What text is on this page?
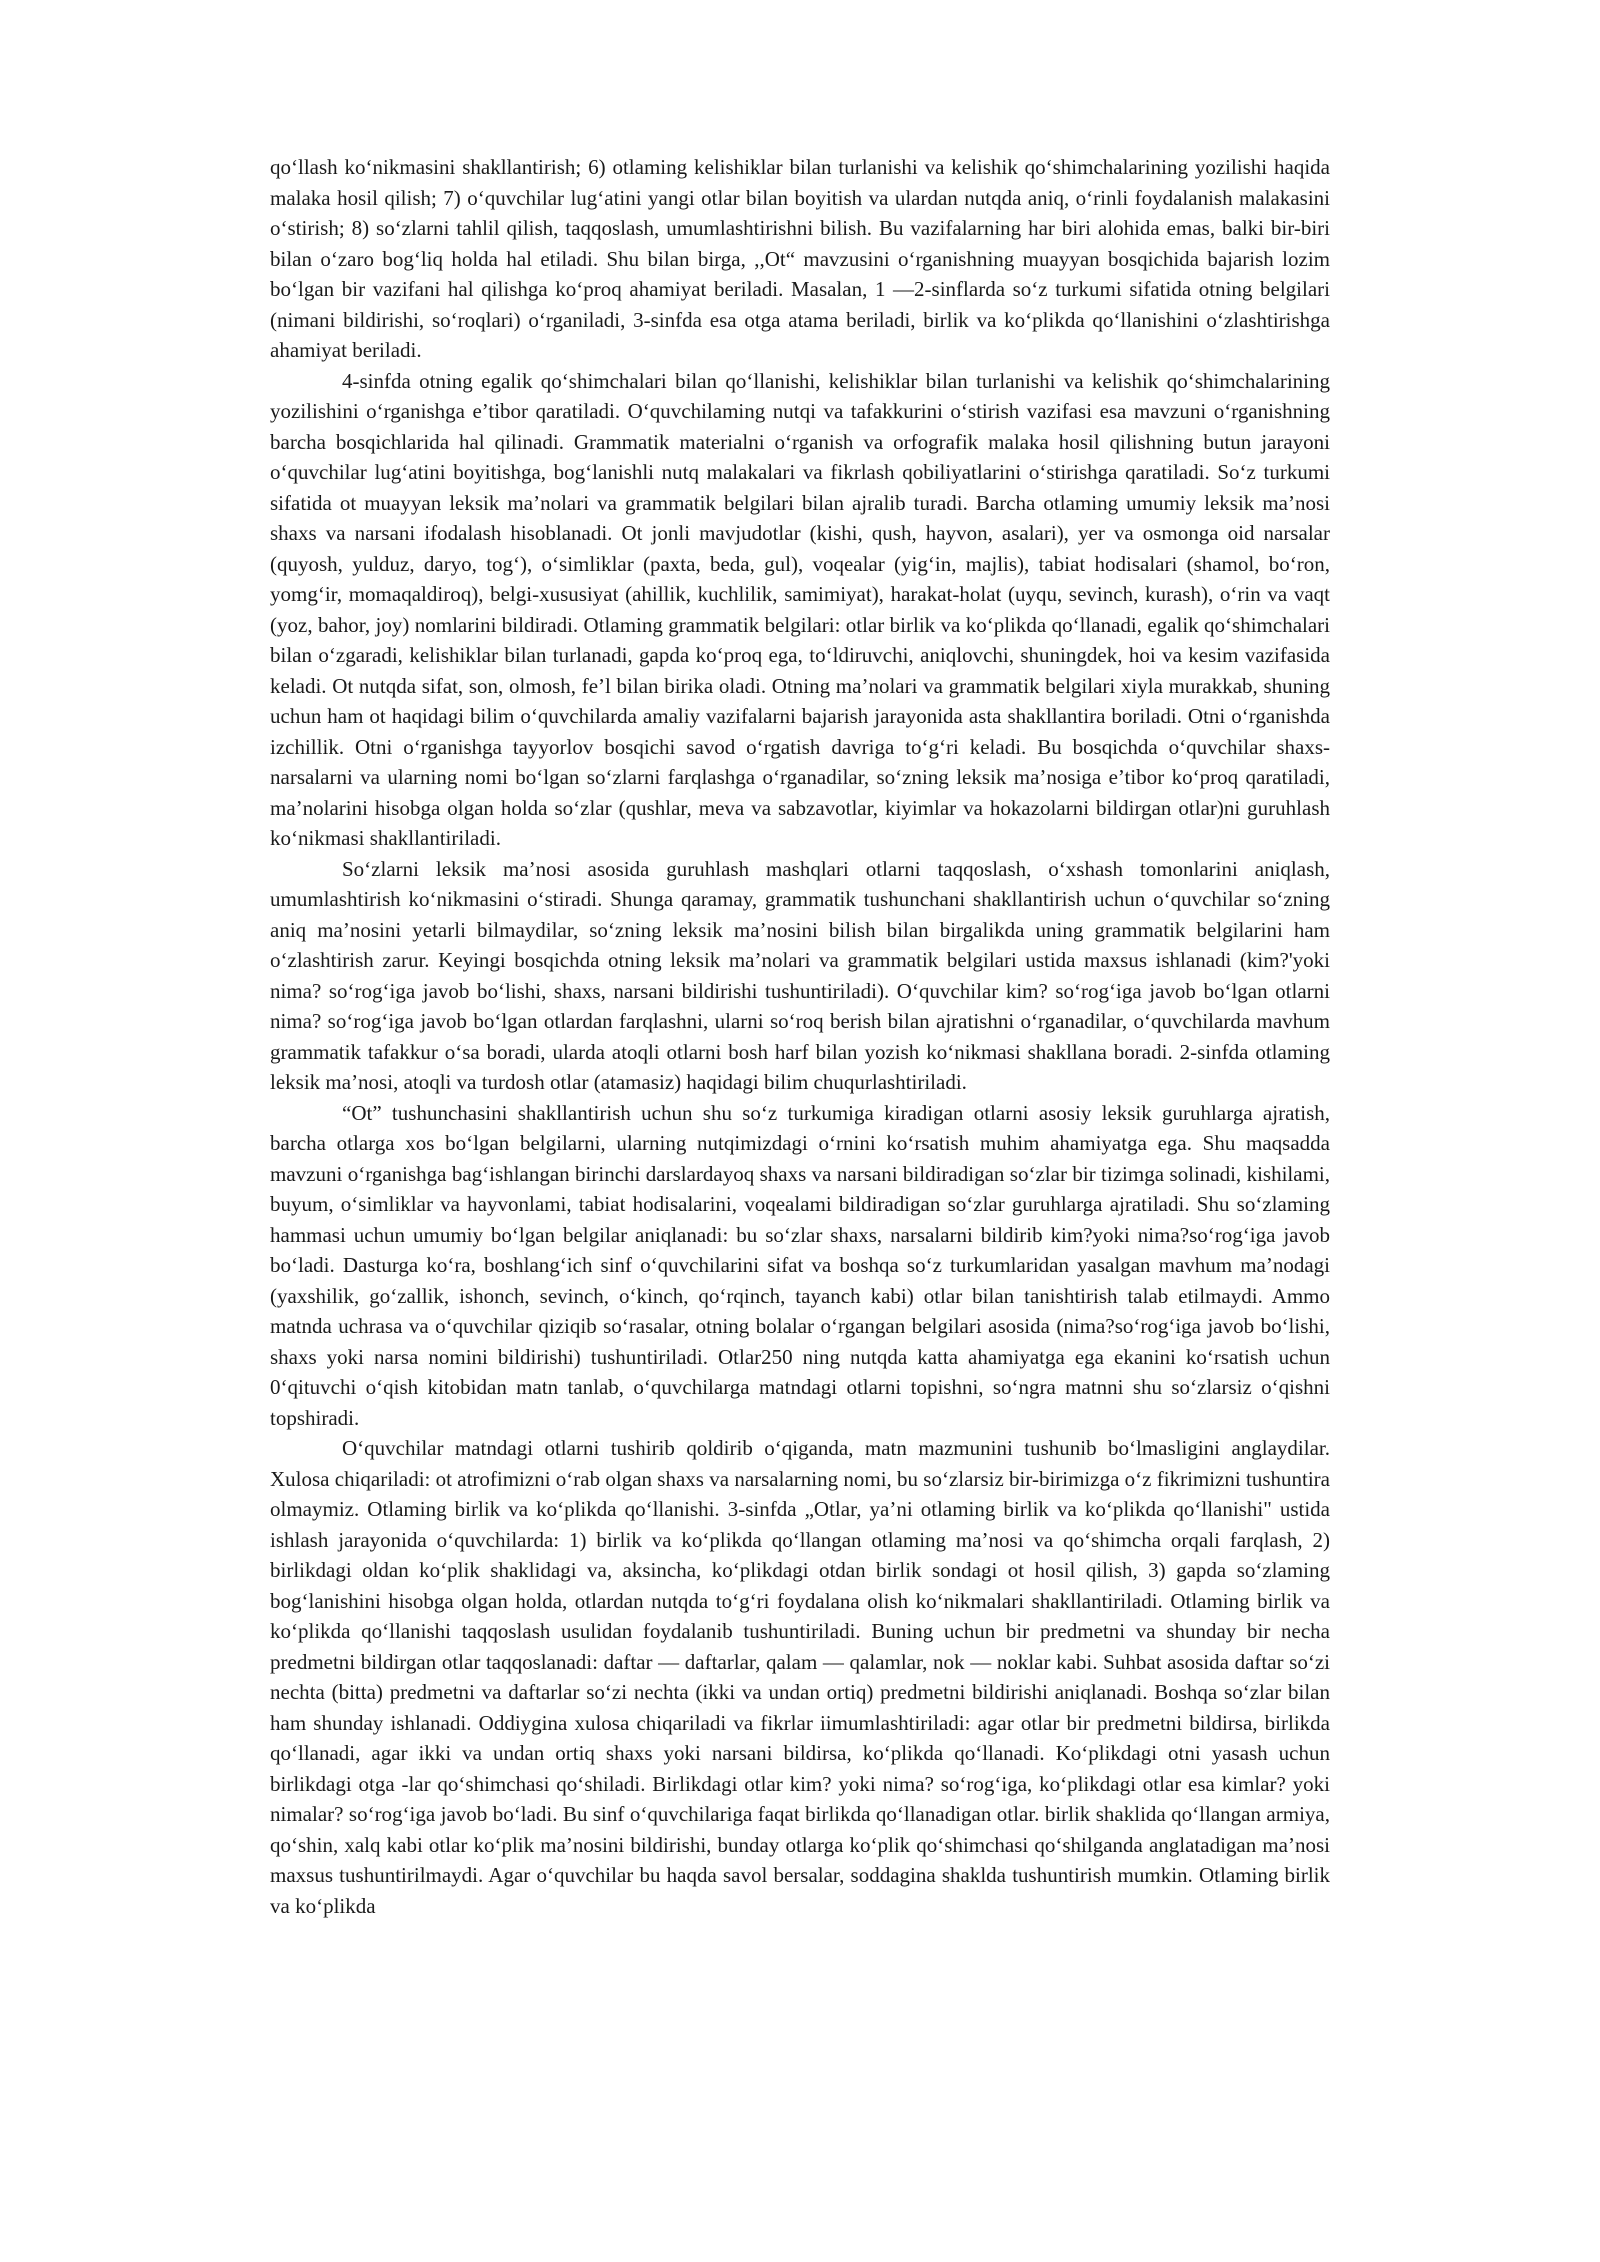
qo‘llash ko‘nikmasini shakllantirish; 6) otlaming kelishiklar bilan turlanishi va kelishik qo‘shimchalarining yozilishi haqida malaka hosil qilish; 7) o‘quvchilar lug‘atini yangi otlar bilan boyitish va ulardan nutqda aniq, o‘rinli foydalanish malakasini o‘stirish; 8) so‘zlarni tahlil qilish, taqqoslash, umumlashtirishni bilish. Bu vazifalarning har biri alohida emas, balki bir-biri bilan o‘zaro bog‘liq holda hal etiladi. Shu bilan birga, ,,Ot“ mavzusini o‘rganishning muayyan bosqichida bajarish lozim bo‘lgan bir vazifani hal qilishga ko‘proq ahamiyat beriladi. Masalan, 1 —2-sinflarda so‘z turkumi sifatida otning belgilari (nimani bildirishi, so‘roqlari) o‘rganiladi, 3-sinfda esa otga atama beriladi, birlik va ko‘plikda qo‘llanishini o‘zlashtirishga ahamiyat beriladi.

4-sinfda otning egalik qo‘shimchalari bilan qo‘llanishi, kelishiklar bilan turlanishi va kelishik qo‘shimchalarining yozilishini o‘rganishga e’tibor qaratiladi. O‘quvchilaming nutqi va tafakkurini o‘stirish vazifasi esa mavzuni o‘rganishning barcha bosqichlarida hal qilinadi. Grammatik materialni o‘rganish va orfografik malaka hosil qilishning butun jarayoni o‘quvchilar lug‘atini boyitishga, bog‘lanishli nutq malakalari va fikrlash qobiliyatlarini o‘stirishga qaratiladi. So‘z turkumi sifatida ot muayyan leksik ma’nolari va grammatik belgilari bilan ajralib turadi. Barcha otlaming umumiy leksik ma’nosi shaxs va narsani ifodalash hisoblanadi. Ot jonli mavjudotlar (kishi, qush, hayvon, asalari), yer va osmonga oid narsalar (quyosh, yulduz, daryo, tog‘), o‘simliklar (paxta, beda, gul), voqealar (yig‘in, majlis), tabiat hodisalari (shamol, bo‘ron, yomg‘ir, momaqaldiroq), belgi-xususiyat (ahillik, kuchlilik, samimiyat), harakat-holat (uyqu, sevinch, kurash), o‘rin va vaqt (yoz, bahor, joy) nomlarini bildiradi. Otlaming grammatik belgilari: otlar birlik va ko‘plikda qo‘llanadi, egalik qo‘shimchalari bilan o‘zgaradi, kelishiklar bilan turlanadi, gapda ko‘proq ega, to‘ldiruvchi, aniqlovchi, shuningdek, hoi va kesim vazifasida keladi. Ot nutqda sifat, son, olmosh, fe’l bilan birika oladi. Otning ma’nolari va grammatik belgilari xiyla murakkab, shuning uchun ham ot haqidagi bilim o‘quvchilarda amaliy vazifalarni bajarish jarayonida asta shakllantira boriladi. Otni o‘rganishda izchillik. Otni o‘rganishga tayyorlov bosqichi savod o‘rgatish davriga to‘g‘ri keladi. Bu bosqichda o‘quvchilar shaxs-narsalarni va ularning nomi bo‘lgan so‘zlarni farqlashga o‘rganadilar, so‘zning leksik ma’nosiga e’tibor ko‘proq qaratiladi, ma’nolarini hisobga olgan holda so‘zlar (qushlar, meva va sabzavotlar, kiyimlar va hokazolarni bildirgan otlar)ni guruhlash ko‘nikmasi shakllantiriladi.

So‘zlarni leksik ma’nosi asosida guruhlash mashqlari otlarni taqqoslash, o‘xshash tomonlarini aniqlash, umumlashtirish ko‘nikmasini o‘stiradi. Shunga qaramay, grammatik tushunchani shakllantirish uchun o‘quvchilar so‘zning aniq ma’nosini yetarli bilmaydilar, so‘zning leksik ma’nosini bilish bilan birgalikda uning grammatik belgilarini ham o‘zlashtirish zarur. Keyingi bosqichda otning leksik ma’nolari va grammatik belgilari ustida maxsus ishlanadi (kim?'yoki nima? so‘rog‘iga javob bo‘lishi, shaxs, narsani bildirishi tushuntiriladi). O‘quvchilar kim? so‘rog‘iga javob bo‘lgan otlarni nima? so‘rog‘iga javob bo‘lgan otlardan farqlashni, ularni so‘roq berish bilan ajratishni o‘rganadilar, o‘quvchilarda mavhum grammatik tafakkur o‘sa boradi, ularda atoqli otlarni bosh harf bilan yozish ko‘nikmasi shakllana boradi. 2-sinfda otlaming leksik ma’nosi, atoqli va turdosh otlar (atamasiz) haqidagi bilim chuqurlashtiriladi.

“Ot” tushunchasini shakllantirish uchun shu so‘z turkumiga kiradigan otlarni asosiy leksik guruhlarga ajratish, barcha otlarga xos bo‘lgan belgilarni, ularning nutqimizdagi o‘rnini ko‘rsatish muhim ahamiyatga ega. Shu maqsadda mavzuni o‘rganishga bag‘ishlangan birinchi darslardayoq shaxs va narsani bildiradigan so‘zlar bir tizimga solinadi, kishilami, buyum, o‘simliklar va hayvonlami, tabiat hodisalarini, voqealami bildiradigan so‘zlar guruhlarga ajratiladi. Shu so‘zlaming hammasi uchun umumiy bo‘lgan belgilar aniqlanadi: bu so‘zlar shaxs, narsalarni bildirib kim?yoki nima?so‘rog‘iga javob bo‘ladi. Dasturga ko‘ra, boshlang‘ich sinf o‘quvchilarini sifat va boshqa so‘z turkumlaridan yasalgan mavhum ma’nodagi (yaxshilik, go‘zallik, ishonch, sevinch, o‘kinch, qo‘rqinch, tayanch kabi) otlar bilan tanishtirish talab etilmaydi. Ammo matnda uchrasa va o‘quvchilar qiziqib so‘rasalar, otning bolalar o‘rgangan belgilari asosida (nima?so‘rog‘iga javob bo‘lishi, shaxs yoki narsa nomini bildirishi) tushuntiriladi. Otlar250 ning nutqda katta ahamiyatga ega ekanini ko‘rsatish uchun 0‘qituvchi o‘qish kitobidan matn tanlab, o‘quvchilarga matndagi otlarni topishni, so‘ngra matnni shu so‘zlarsiz o‘qishni topshiradi.

O‘quvchilar matndagi otlarni tushirib qoldirib o‘qiganda, matn mazmunini tushunib bo‘lmasligini anglaydilar. Xulosa chiqariladi: ot atrofimizni o‘rab olgan shaxs va narsalarning nomi, bu so‘zlarsiz bir-birimizga o‘z fikrimizni tushuntira olmaymiz. Otlaming birlik va ko‘plikda qo‘llanishi. 3-sinfda „Otlar, ya’ni otlaming birlik va ko‘plikda qo‘llanishi" ustida ishlash jarayonida o‘quvchilarda: 1) birlik va ko‘plikda qo‘llangan otlaming ma’nosi va qo‘shimcha orqali farqlash, 2) birlikdagi oldan ko‘plik shaklidagi va, aksincha, ko‘plikdagi otdan birlik sondagi ot hosil qilish, 3) gapda so‘zlaming bog‘lanishini hisobga olgan holda, otlardan nutqda to‘g‘ri foydalana olish ko‘nikmalari shakllantiriladi. Otlaming birlik va ko‘plikda qo‘llanishi taqqoslash usulidan foydalanib tushuntiriladi. Buning uchun bir predmetni va shunday bir necha predmetni bildirgan otlar taqqoslanadi: daftar — daftarlar, qalam — qalamlar, nok — noklar kabi. Suhbat asosida daftar so‘zi nechta (bitta) predmetni va daftarlar so‘zi nechta (ikki va undan ortiq) predmetni bildirishi aniqlanadi. Boshqa so‘zlar bilan ham shunday ishlanadi. Oddiygina xulosa chiqariladi va fikrlar iimumlashtiriladi: agar otlar bir predmetni bildirsa, birlikda qo‘llanadi, agar ikki va undan ortiq shaxs yoki narsani bildirsa, ko‘plikda qo‘llanadi. Ko‘plikdagi otni yasash uchun birlikdagi otga -lar qo‘shimchasi qo‘shiladi. Birlikdagi otlar kim? yoki nima? so‘rog‘iga, ko‘plikdagi otlar esa kimlar? yoki nimalar? so‘rog‘iga javob bo‘ladi. Bu sinf o‘quvchilariga faqat birlikda qo‘llanadigan otlar. birlik shaklida qo‘llangan armiya, qo‘shin, xalq kabi otlar ko‘plik ma’nosini bildirishi, bunday otlarga ko‘plik qo‘shimchasi qo‘shilganda anglatadigan ma’nosi maxsus tushuntirilmaydi. Agar o‘quvchilar bu haqda savol bersalar, soddagina shaklda tushuntirish mumkin. Otlaming birlik va ko‘plikda
